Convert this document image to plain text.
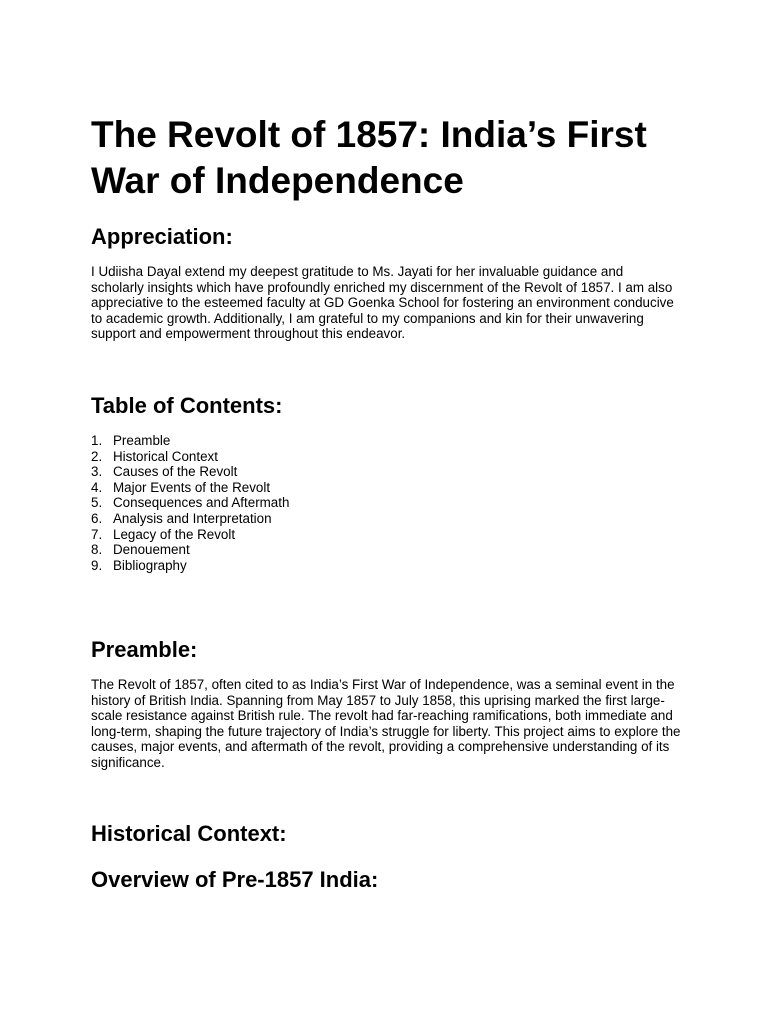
The Revolt of 1857: India’s First War of Independence
Appreciation:

I Udiisha Dayal extend my deepest gratitude to Ms. Jayati for her invaluable guidance and scholarly insights which have profoundly enriched my discernment of the Revolt of 1857. I am also appreciative to the esteemed faculty at GD Goenka School for fostering an environment conducive to academic growth. Additionally, I am grateful to my companions and kin for their unwavering support and empowerment throughout this endeavor.

Table of Contents:
1. Preamble
2. Historical Context
3. Causes of the Revolt
4. Major Events of the Revolt
5. Consequences and Aftermath
6. Analysis and Interpretation
7. Legacy of the Revolt
8. Denouement
9. Bibliography
Preamble:

The Revolt of 1857, often cited to as India’s First War of Independence, was a seminal event in the history of British India. Spanning from May 1857 to July 1858, this uprising marked the first large-scale resistance against British rule. The revolt had far-reaching ramifications, both immediate and long-term, shaping the future trajectory of India’s struggle for liberty. This project aims to explore the causes, major events, and aftermath of the revolt, providing a comprehensive understanding of its significance.

Historical Context:
Overview of Pre-1857 India:
